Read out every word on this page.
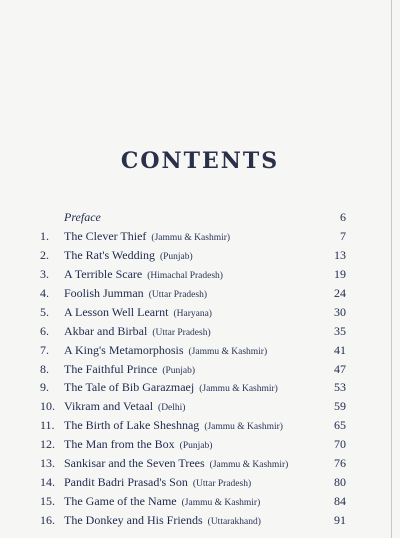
CONTENTS
Preface	6
1.	The Clever Thief (Jammu & Kashmir)	7
2.	The Rat's Wedding (Punjab)	13
3.	A Terrible Scare (Himachal Pradesh)	19
4.	Foolish Jumman (Uttar Pradesh)	24
5.	A Lesson Well Learnt (Haryana)	30
6.	Akbar and Birbal (Uttar Pradesh)	35
7.	A King's Metamorphosis (Jammu & Kashmir)	41
8.	The Faithful Prince (Punjab)	47
9.	The Tale of Bib Garazmaej (Jammu & Kashmir)	53
10. Vikram and Vetaal (Delhi)	59
11. The Birth of Lake Sheshnag (Jammu & Kashmir)	65
12. The Man from the Box (Punjab)	70
13. Sankisar and the Seven Trees (Jammu & Kashmir)	76
14. Pandit Badri Prasad's Son (Uttar Pradesh)	80
15. The Game of the Name (Jammu & Kashmir)	84
16. The Donkey and His Friends (Uttarakhand)	91
